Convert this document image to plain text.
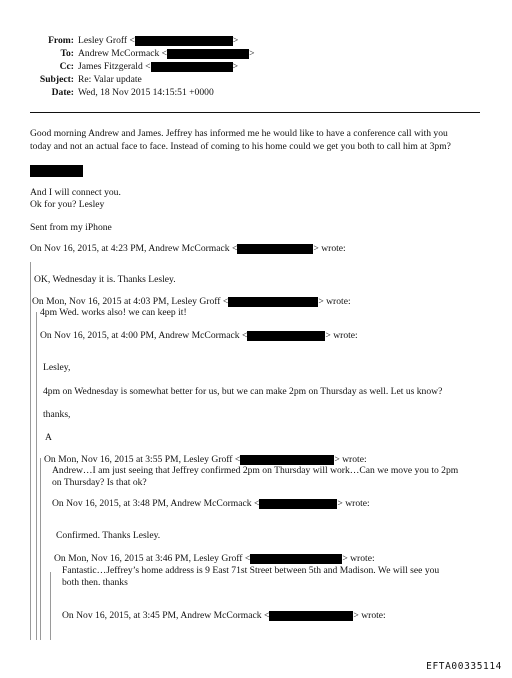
From: Lesley Groff <	>
To: Andrew McCormack <	>
Cc: James Fitzgerald <	>
Subject: Re: Valar update
Date: Wed, 18 Nov 2015 14:15:51 +0000
Good morning Andrew and James. Jeffrey has informed me he would like to have a conference call with you
today and not an actual face to face. Instead of coming to his home could we get you both to call him at 3pm?
And I will connect you.
Ok for you? Lesley
Sent from my iPhone
On Nov 16, 2015, at 4:23 PM, Andrew McCormack <	> wrote:
OK, Wednesday it is. Thanks Lesley.
On Mon, Nov 16, 2015 at 4:03 PM, Lesley Groff <	> wrote:
4pm Wed. works also! we can keep it!
On Nov 16, 2015, at 4:00 PM, Andrew McCormack <	> wrote:
Lesley,
4pm on Wednesday is somewhat better for us, but we can make 2pm on Thursday as well. Let us know?
thanks,
A
On Mon, Nov 16, 2015 at 3:55 PM, Lesley Groff <	> wrote:
Andrew…I am just seeing that Jeffrey confirmed 2pm on Thursday will work…Can we move you to 2pm
on Thursday? Is that ok?
On Nov 16, 2015, at 3:48 PM, Andrew McCormack <	> wrote:
Confirmed. Thanks Lesley.
On Mon, Nov 16, 2015 at 3:46 PM, Lesley Groff <	> wrote:
Fantastic…Jeffrey’s home address is 9 East 71st Street between 5th and Madison. We will see you
both then. thanks
On Nov 16, 2015, at 3:45 PM, Andrew McCormack <	> wrote:
EFTA00335114
